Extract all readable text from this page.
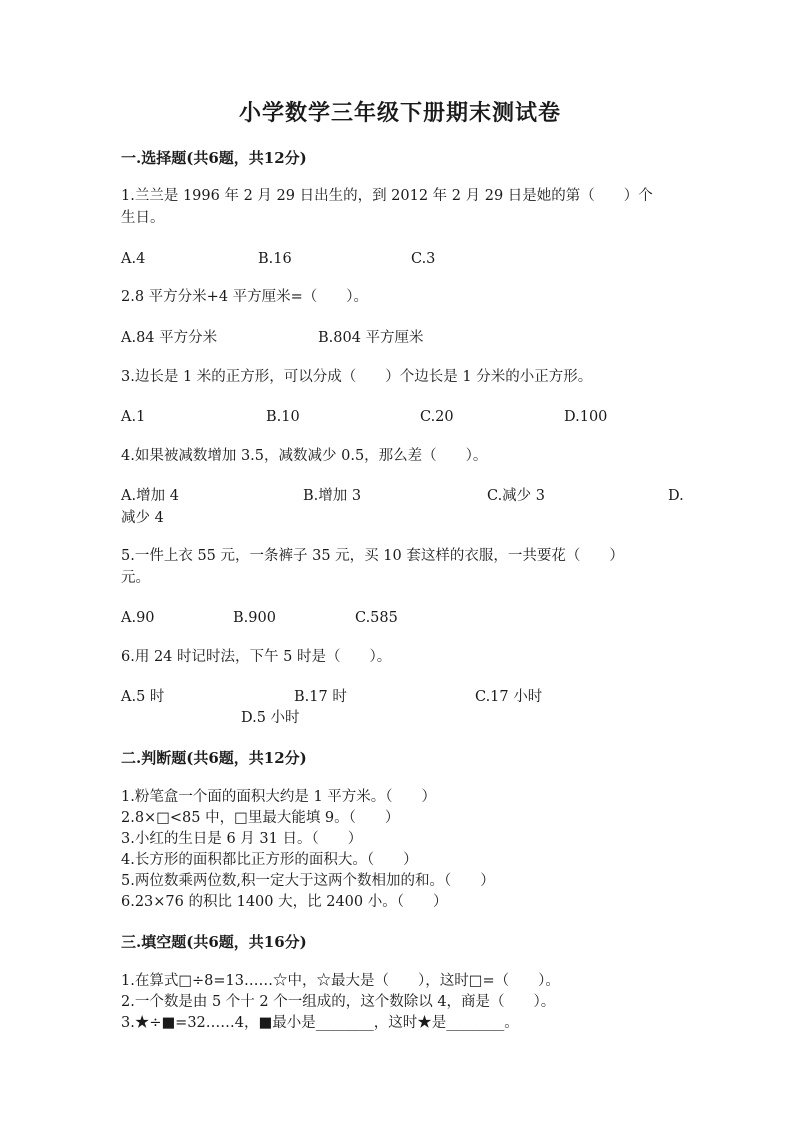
小学数学三年级下册期末测试卷
一.选择题(共6题，共12分)
1.兰兰是 1996 年 2 月 29 日出生的，到 2012 年 2 月 29 日是她的第（　　）个
生日。
A.4	B.16	C.3
2.8 平方分米+4 平方厘米=（　　）。
A.84 平方分米	B.804 平方厘米
3.边长是 1 米的正方形，可以分成（　　）个边长是 1 分米的小正方形。
A.1	B.10	C.20	D.100
4.如果被减数增加 3.5，减数减少 0.5，那么差（　　）。
A.增加 4	B.增加 3	C.减少 3	D.
减少 4
5.一件上衣 55 元，一条裤子 35 元，买 10 套这样的衣服，一共要花（　　）
元。
A.90	B.900	C.585
6.用 24 时记时法，下午 5 时是（　　）。
A.5 时	B.17 时	C.17 小时
D.5 小时
二.判断题(共6题，共12分)
1.粉笔盒一个面的面积大约是 1 平方米。（　　）
2.8×□<85 中，□里最大能填 9。（　　）
3.小红的生日是 6 月 31 日。（　　）
4.长方形的面积都比正方形的面积大。（　　）
5.两位数乘两位数,积一定大于这两个数相加的和。（　　）
6.23×76 的积比 1400 大，比 2400 小。（　　）
三.填空题(共6题，共16分)
1.在算式□÷8=13……☆中，☆最大是（　　），这时□=（　　）。
2.一个数是由 5 个十 2 个一组成的，这个数除以 4，商是（　　）。
3.★÷■=32……4，■最小是________，这时★是________。
